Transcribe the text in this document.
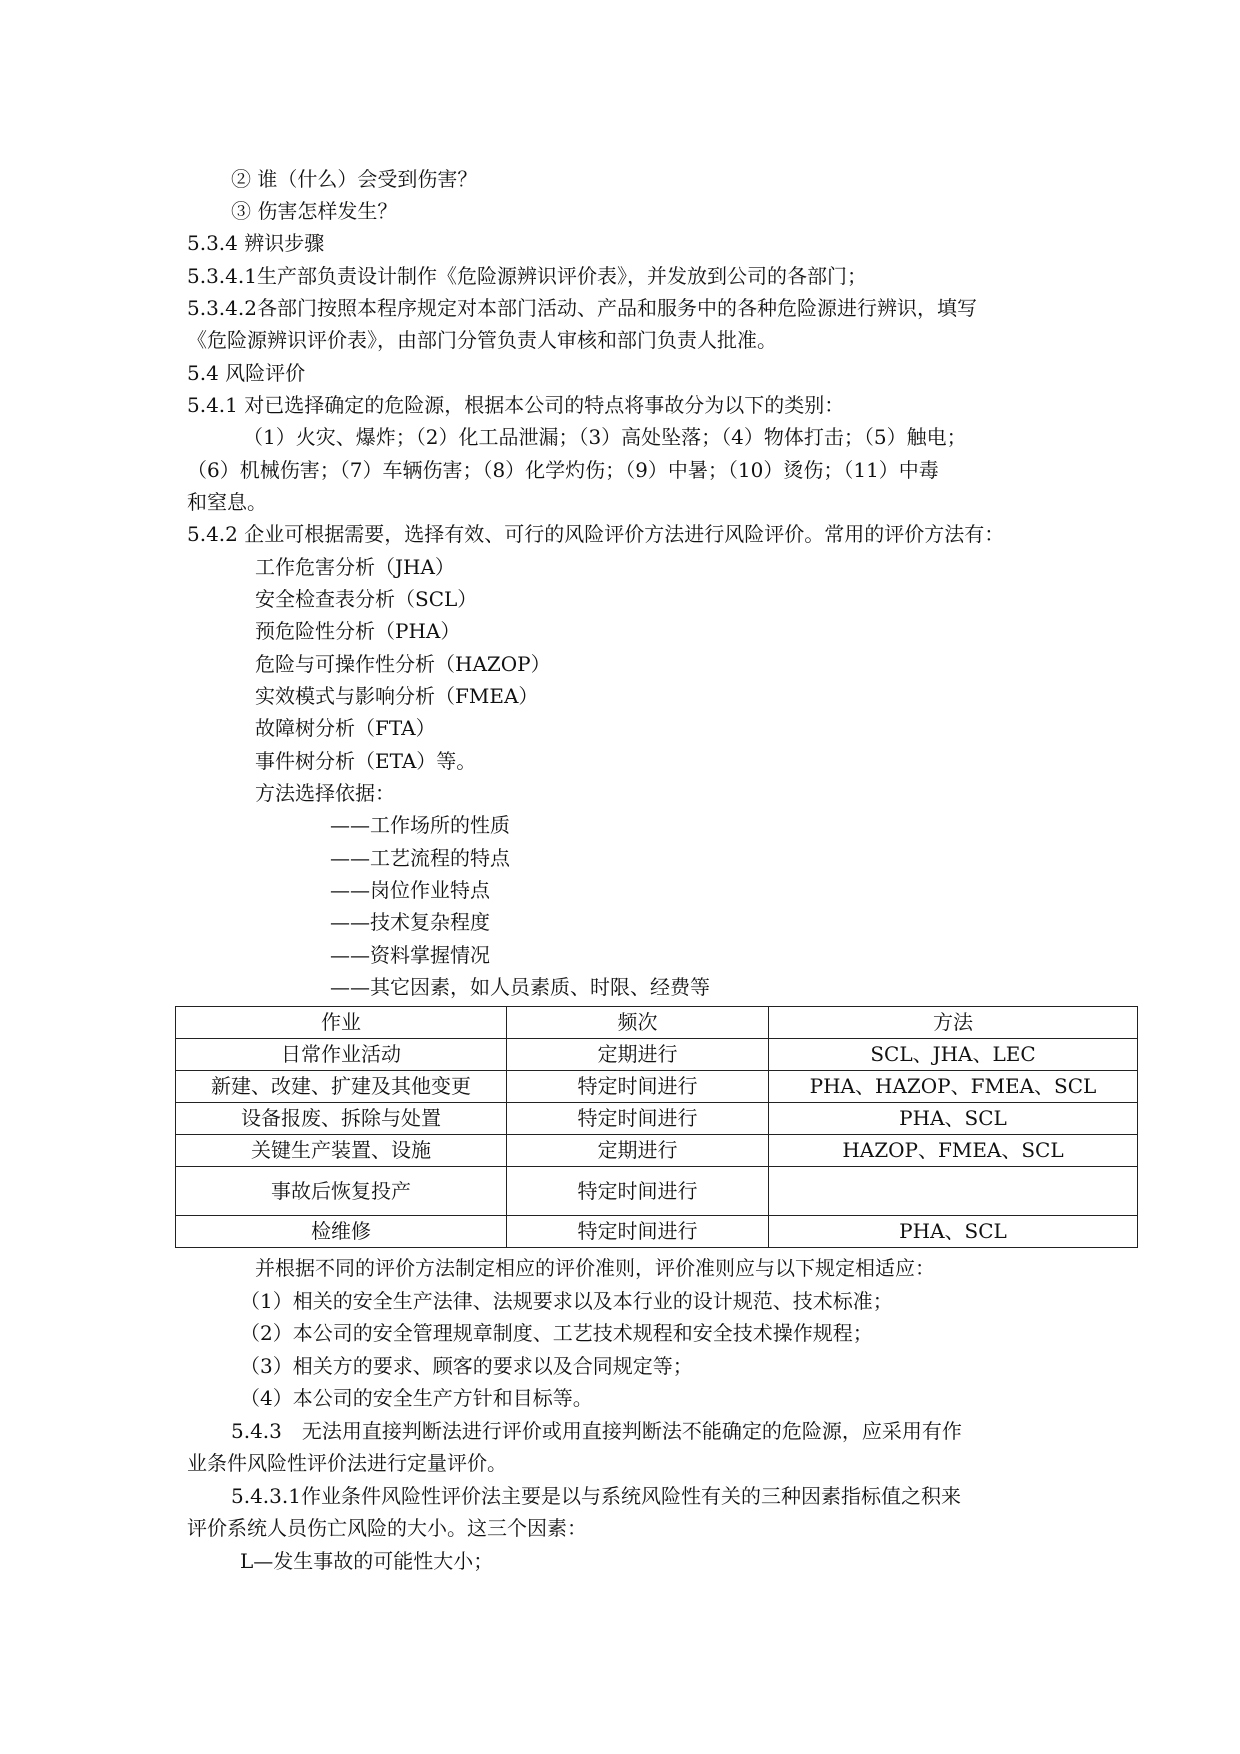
② 谁（什么）会受到伤害？
③ 伤害怎样发生？
5.3.4 辨识步骤
5.3.4.1生产部负责设计制作《危险源辨识评价表》，并发放到公司的各部门；
5.3.4.2各部门按照本程序规定对本部门活动、产品和服务中的各种危险源进行辨识，填写
《危险源辨识评价表》，由部门分管负责人审核和部门负责人批准。
5.4 风险评价
5.4.1 对已选择确定的危险源，根据本公司的特点将事故分为以下的类别：
（1）火灾、爆炸；（2）化工品泄漏；（3）高处坠落；（4）物体打击；（5）触电；
（6）机械伤害；（7）车辆伤害；（8）化学灼伤；（9）中暑；（10）烫伤；（11）中毒
和窒息。
5.4.2 企业可根据需要，选择有效、可行的风险评价方法进行风险评价。常用的评价方法有：
工作危害分析（JHA）
安全检查表分析（SCL）
预危险性分析（PHA）
危险与可操作性分析（HAZOP）
实效模式与影响分析（FMEA）
故障树分析（FTA）
事件树分析（ETA）等。
方法选择依据：
——工作场所的性质
——工艺流程的特点
——岗位作业特点
——技术复杂程度
——资料掌握情况
——其它因素，如人员素质、时限、经费等
作业	频次	方法
日常作业活动	定期进行	SCL、JHA、LEC
新建、改建、扩建及其他变更	特定时间进行	PHA、HAZOP、FMEA、SCL
设备报废、拆除与处置	特定时间进行	PHA、SCL
关键生产装置、设施	定期进行	HAZOP、FMEA、SCL
事故后恢复投产	特定时间进行	
检维修	特定时间进行	PHA、SCL
并根据不同的评价方法制定相应的评价准则，评价准则应与以下规定相适应：
（1）相关的安全生产法律、法规要求以及本行业的设计规范、技术标准；
（2）本公司的安全管理规章制度、工艺技术规程和安全技术操作规程；
（3）相关方的要求、顾客的要求以及合同规定等；
（4）本公司的安全生产方针和目标等。
5.4.3　无法用直接判断法进行评价或用直接判断法不能确定的危险源，应采用有作
业条件风险性评价法进行定量评价。
5.4.3.1作业条件风险性评价法主要是以与系统风险性有关的三种因素指标值之积来
评价系统人员伤亡风险的大小。这三个因素：
L—发生事故的可能性大小；
